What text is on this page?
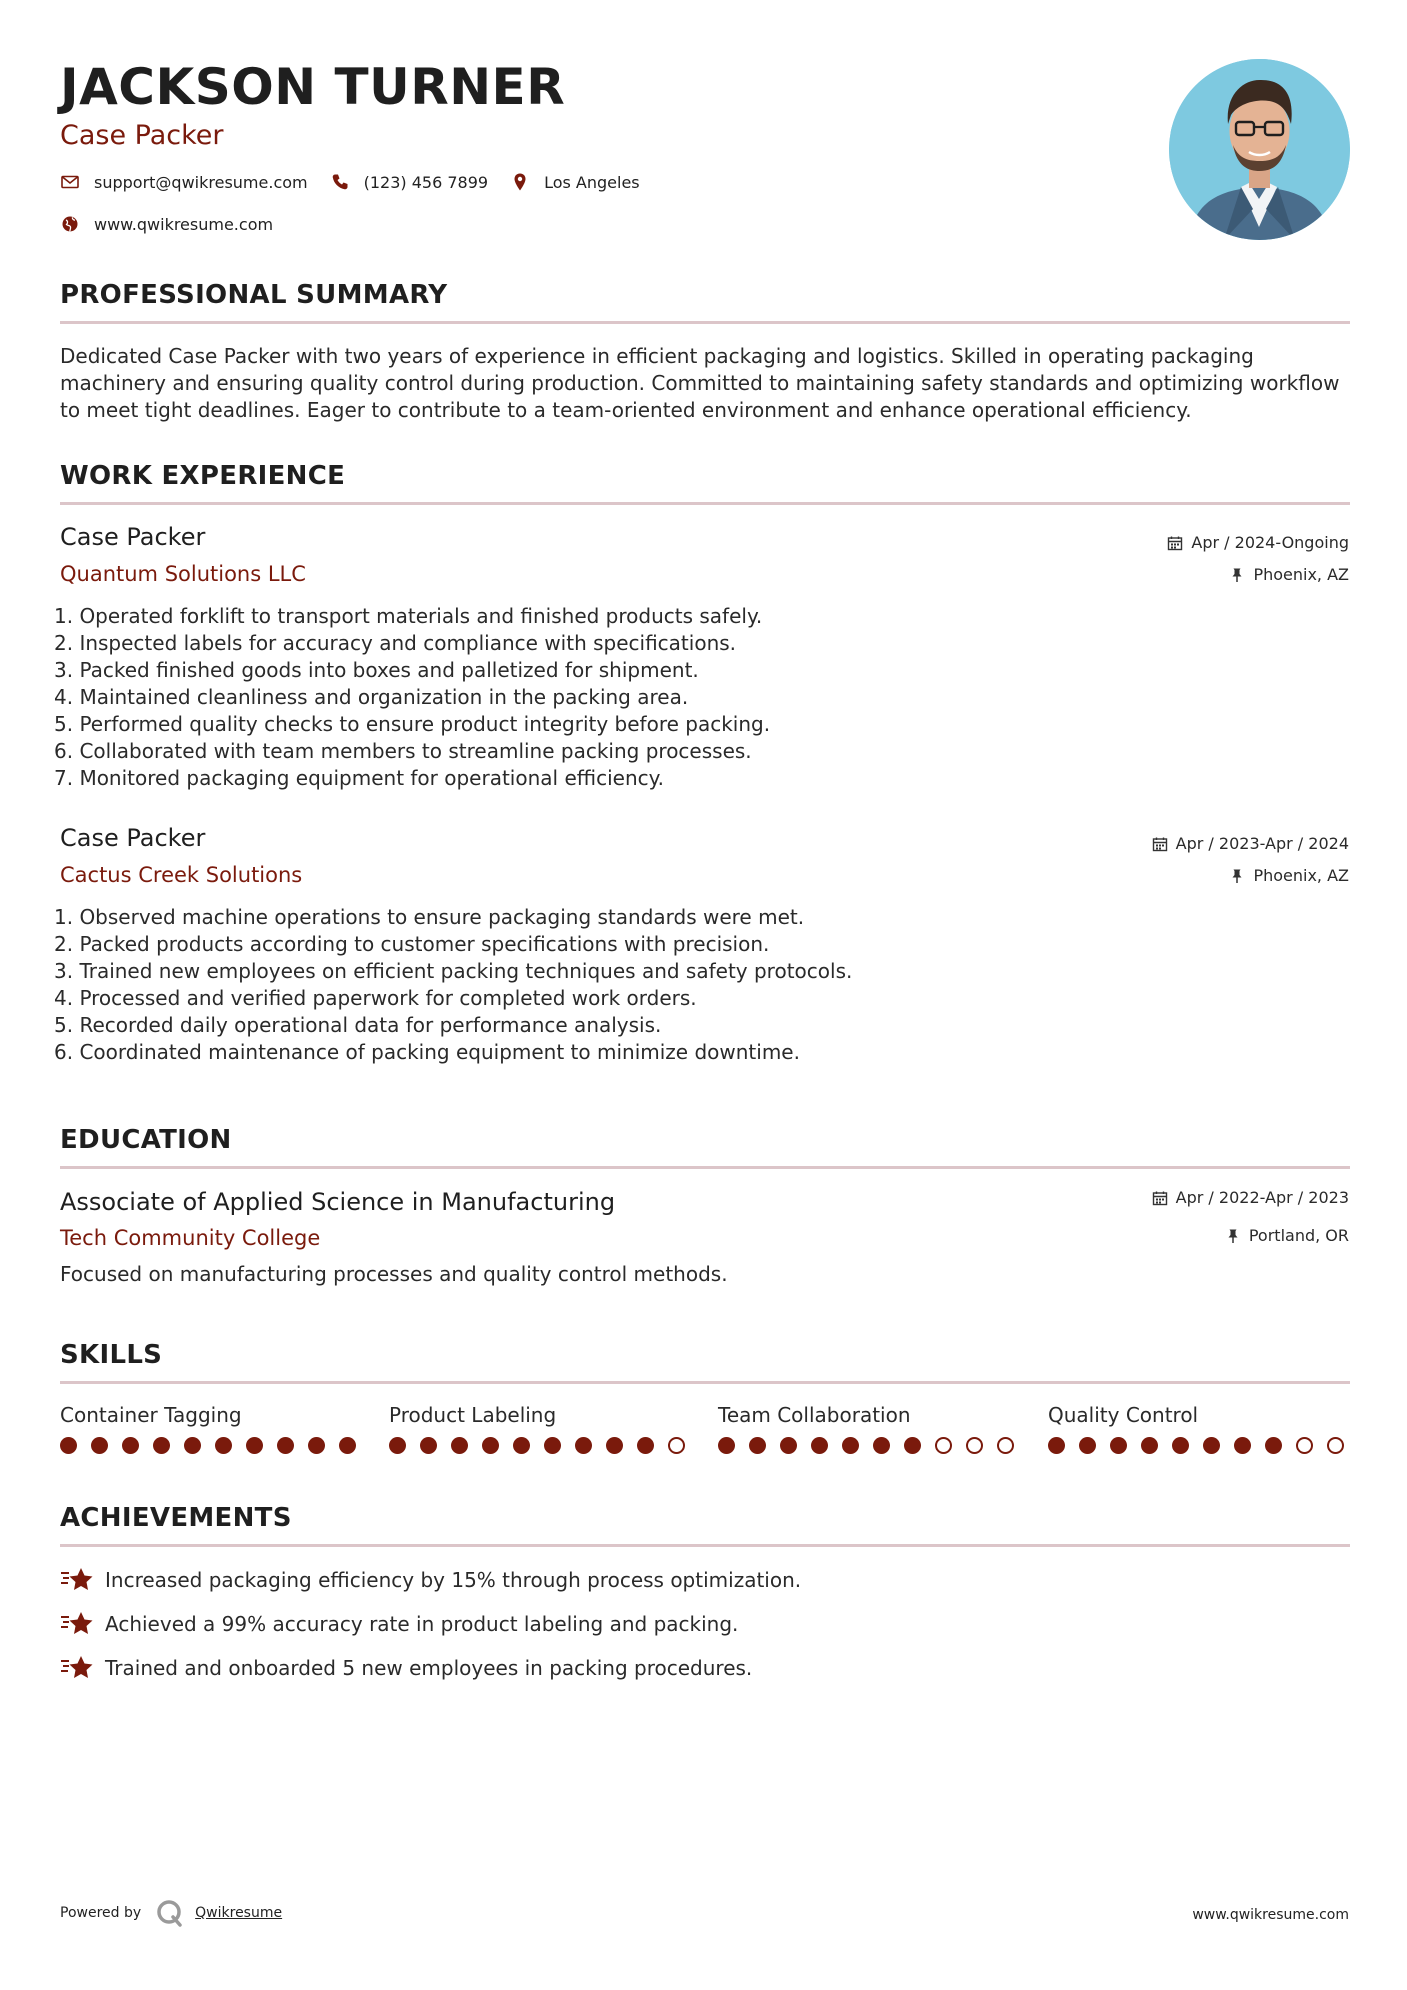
JACKSON TURNER
Case Packer
support@qwikresume.com	(123) 456 7899	Los Angeles
www.qwikresume.com
PROFESSIONAL SUMMARY
Dedicated Case Packer with two years of experience in efficient packaging and logistics. Skilled in operating packaging machinery and ensuring quality control during production. Committed to maintaining safety standards and optimizing workflow to meet tight deadlines. Eager to contribute to a team-oriented environment and enhance operational efficiency.
WORK EXPERIENCE
Case Packer
Quantum Solutions LLC
Apr / 2024-Ongoing
Phoenix, AZ
1. Operated forklift to transport materials and finished products safely.
2. Inspected labels for accuracy and compliance with specifications.
3. Packed finished goods into boxes and palletized for shipment.
4. Maintained cleanliness and organization in the packing area.
5. Performed quality checks to ensure product integrity before packing.
6. Collaborated with team members to streamline packing processes.
7. Monitored packaging equipment for operational efficiency.
Case Packer
Cactus Creek Solutions
Apr / 2023-Apr / 2024
Phoenix, AZ
1. Observed machine operations to ensure packaging standards were met.
2. Packed products according to customer specifications with precision.
3. Trained new employees on efficient packing techniques and safety protocols.
4. Processed and verified paperwork for completed work orders.
5. Recorded daily operational data for performance analysis.
6. Coordinated maintenance of packing equipment to minimize downtime.
EDUCATION
Associate of Applied Science in Manufacturing
Tech Community College
Apr / 2022-Apr / 2023
Portland, OR
Focused on manufacturing processes and quality control methods.
SKILLS
Container Tagging	Product Labeling	Team Collaboration	Quality Control
ACHIEVEMENTS
Increased packaging efficiency by 15% through process optimization.
Achieved a 99% accuracy rate in product labeling and packing.
Trained and onboarded 5 new employees in packing procedures.
Powered by	Qwikresume	www.qwikresume.com
